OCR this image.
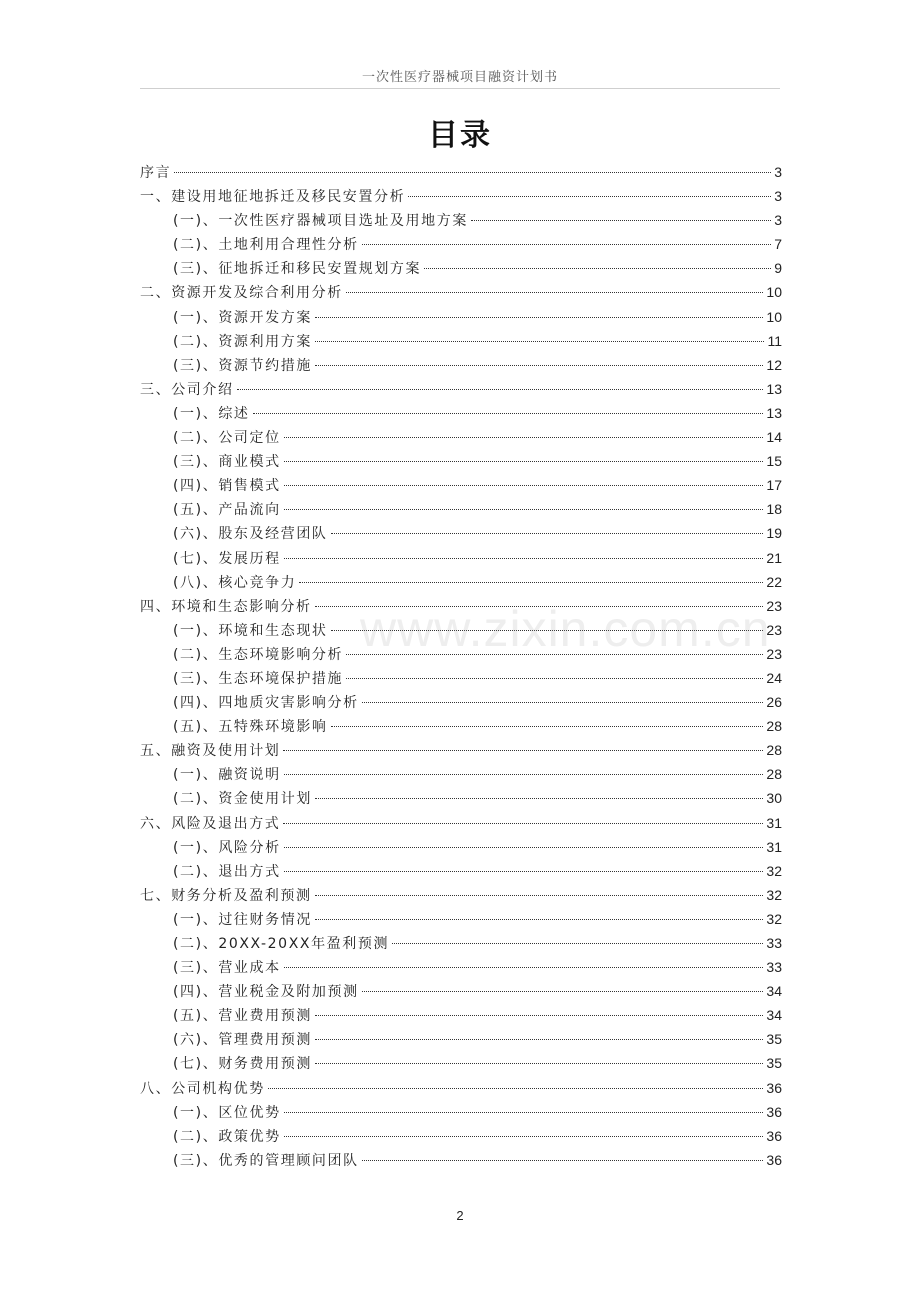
一次性医疗器械项目融资计划书
目录
序言	3
一、建设用地征地拆迁及移民安置分析	3
(一)、一次性医疗器械项目选址及用地方案	3
(二)、土地利用合理性分析	7
(三)、征地拆迁和移民安置规划方案	9
二、资源开发及综合利用分析	10
(一)、资源开发方案	10
(二)、资源利用方案	11
(三)、资源节约措施	12
三、公司介绍	13
(一)、综述	13
(二)、公司定位	14
(三)、商业模式	15
(四)、销售模式	17
(五)、产品流向	18
(六)、股东及经营团队	19
(七)、发展历程	21
(八)、核心竞争力	22
四、环境和生态影响分析	23
(一)、环境和生态现状	23
(二)、生态环境影响分析	23
(三)、生态环境保护措施	24
(四)、四地质灾害影响分析	26
(五)、五特殊环境影响	28
五、融资及使用计划	28
(一)、融资说明	28
(二)、资金使用计划	30
六、风险及退出方式	31
(一)、风险分析	31
(二)、退出方式	32
七、财务分析及盈利预测	32
(一)、过往财务情况	32
(二)、20XX-20XX年盈利预测	33
(三)、营业成本	33
(四)、营业税金及附加预测	34
(五)、营业费用预测	34
(六)、管理费用预测	35
(七)、财务费用预测	35
八、公司机构优势	36
(一)、区位优势	36
(二)、政策优势	36
(三)、优秀的管理顾问团队	36
www.zixin.com.cn
2
